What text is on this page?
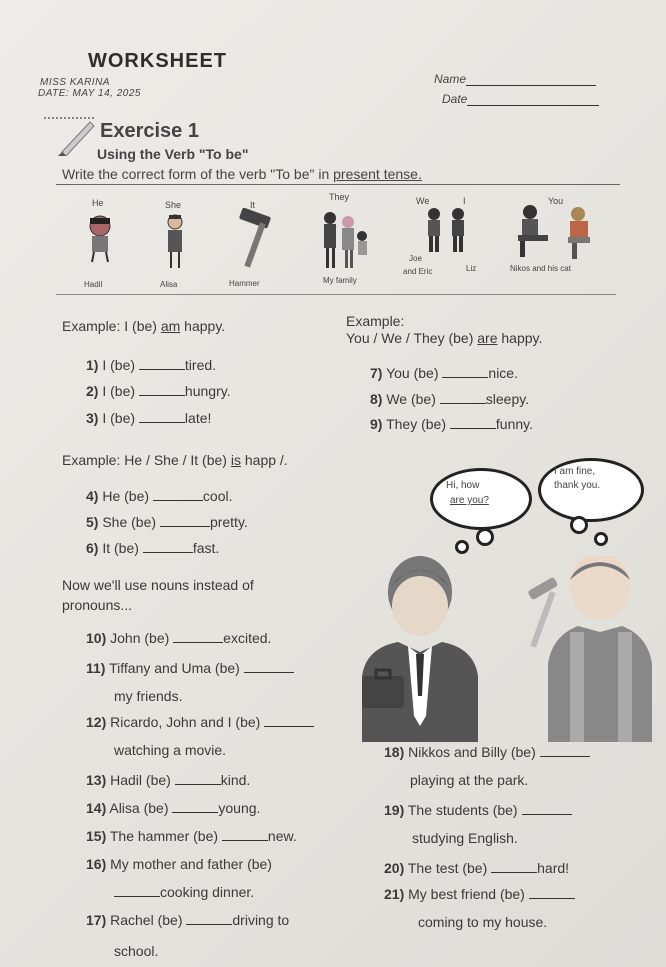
WORKSHEET
MISS KARINA
DATE: MAY 14, 2025
Name
Date
Exercise 1
Using the Verb "To be"
Write the correct form of the verb "To be" in present tense.
He	She	It
They	We	I	You
Hadil	Alisa	Hammer	My family
Joe
and Eric	Liz	Nikos and his cat
Example: I (be) am happy.	Example:
You / We / They (be) are happy.
1) I (be)	tired.
2) I (be)	hungry.
3) I (be)	late!
7) You (be)	nice.
8) We (be)	sleepy.
9) They (be)	funny.
Example: He / She / It (be) is happ /.
4) He (be)	cool.
5) She (be)	pretty.
6) It (be)	fast.
Hi, how
are you?
I am fine,
thank you.
Now we'll use nouns instead of
pronouns...
10) John (be)	excited.
11) Tiffany and Uma (be)
my friends.
12) Ricardo, John and I (be)
watching a movie.
13) Hadil (be)	kind.
14) Alisa (be)	young.
15) The hammer (be)	new.
16) My mother and father (be)
cooking dinner.
17) Rachel (be)	driving to
school.
18) Nikkos and Billy (be)
playing at the park.
19) The students (be)
studying English.
20) The test (be)	hard!
21) My best friend (be)
coming to my house.
